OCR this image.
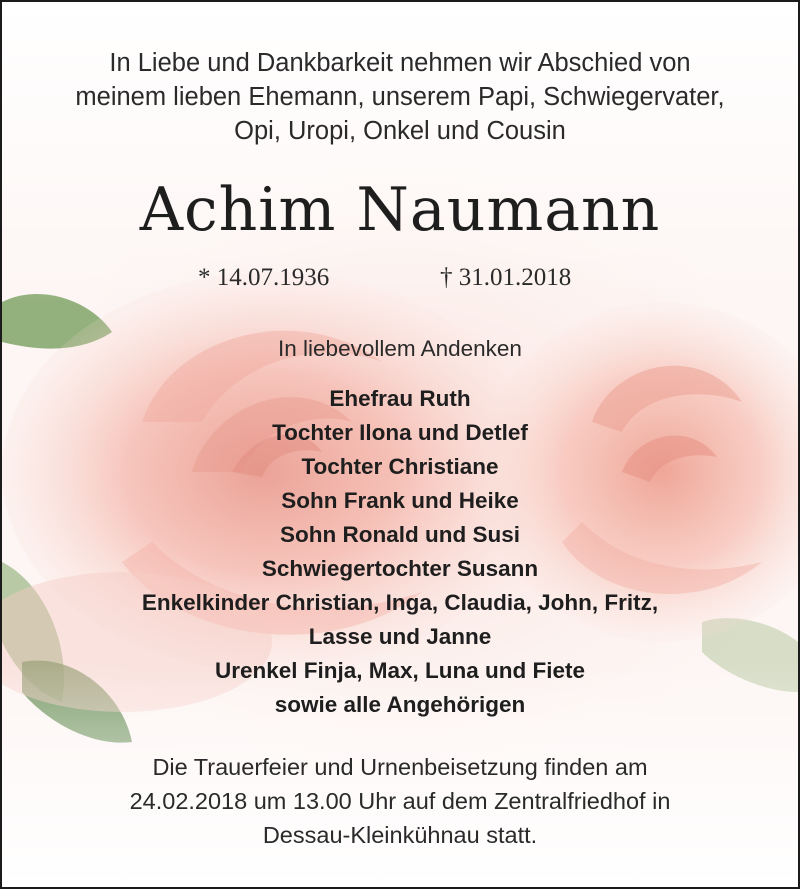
In Liebe und Dankbarkeit nehmen wir Abschied von
meinem lieben Ehemann, unserem Papi, Schwiegervater,
Opi, Uropi, Onkel und Cousin

Achim Naumann
* 14.07.1936	† 31.01.2018

In liebevollem Andenken

Ehefrau Ruth
Tochter Ilona und Detlef
Tochter Christiane
Sohn Frank und Heike
Sohn Ronald und Susi
Schwiegertochter Susann
Enkelkinder Christian, Inga, Claudia, John, Fritz,
Lasse und Janne
Urenkel Finja, Max, Luna und Fiete
sowie alle Angehörigen

Die Trauerfeier und Urnenbeisetzung finden am
24.02.2018 um 13.00 Uhr auf dem Zentralfriedhof in
Dessau-Kleinkühnau statt.
